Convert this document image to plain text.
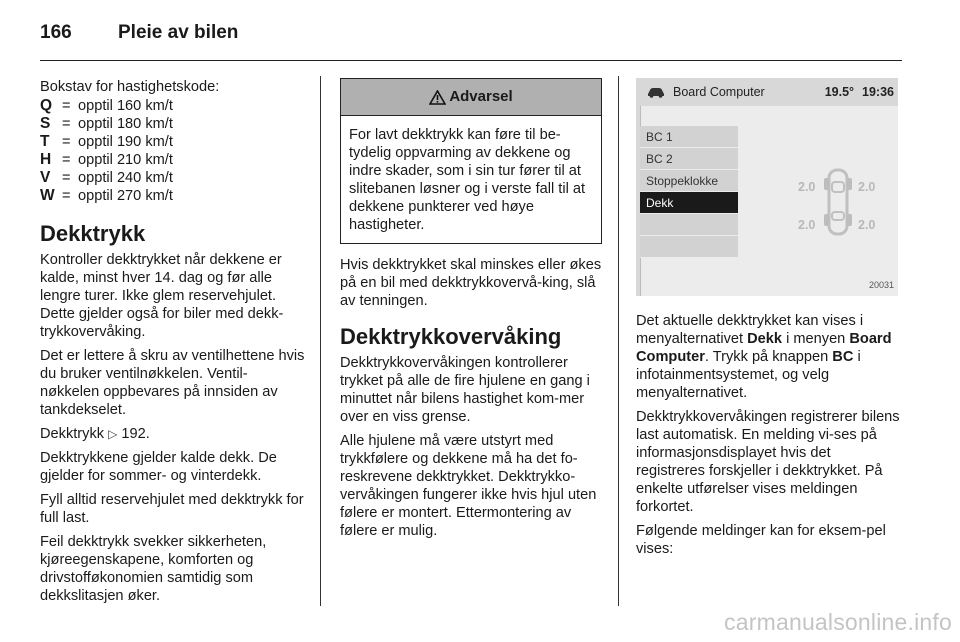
166	Pleie av bilen

Bokstav for hastighetskode:

Q = opptil 160 km/t
S = opptil 180 km/t
T = opptil 190 km/t
H = opptil 210 km/t
V = opptil 240 km/t
W = opptil 270 km/t
Dekktrykk

Kontroller dekktrykket når dekkene er kalde, minst hver 14. dag og før alle lengre turer. Ikke glem reservehjulet. Dette gjelder også for biler med dekk-trykkovervåking.

Det er lettere å skru av ventilhettene hvis du bruker ventilnøkkelen. Ventil-nøkkelen oppbevares på innsiden av tankdekselet.

Dekktrykk ▷ 192.

Dekktrykkene gjelder kalde dekk. De gjelder for sommer- og vinterdekk.

Fyll alltid reservehjulet med dekktrykk for full last.

Feil dekktrykk svekker sikkerheten, kjøreegenskapene, komforten og drivstofføkonomien samtidig som dekkslitasjen øker.

Advarsel
For lavt dekktrykk kan føre til be-tydelig oppvarming av dekkene og indre skader, som i sin tur fører til at slitebanen løsner og i verste fall til at dekkene punkterer ved høye hastigheter.

Hvis dekktrykket skal minskes eller økes på en bil med dekktrykkovervå-king, slå av tenningen.

Dekktrykkovervåking

Dekktrykkovervåkingen kontrollerer trykket på alle de fire hjulene en gang i minuttet når bilens hastighet kom-mer over en viss grense.

Alle hjulene må være utstyrt med trykkfølere og dekkene må ha det fo-reskrevene dekktrykket. Dekktrykko-vervåkingen fungerer ikke hvis hjul uten følere er montert. Ettermontering av følere er mulig.

Board Computer	19.5° 19:36
BC 1
BC 2
Stoppeklokke
Dekk
2.0	2.0
2.0	2.0
20031

Det aktuelle dekktrykket kan vises i menyalternativet Dekk i menyen Board Computer. Trykk på knappen BC i infotainmentsystemet, og velg menyalternativet.

Dekktrykkovervåkingen registrerer bilens last automatisk. En melding vi-ses på informasjonsdisplayet hvis det registreres forskjeller i dekktrykket. På enkelte utførelser vises meldingen forkortet.

Følgende meldinger kan for eksem-pel vises:

carmanualsonline.info
